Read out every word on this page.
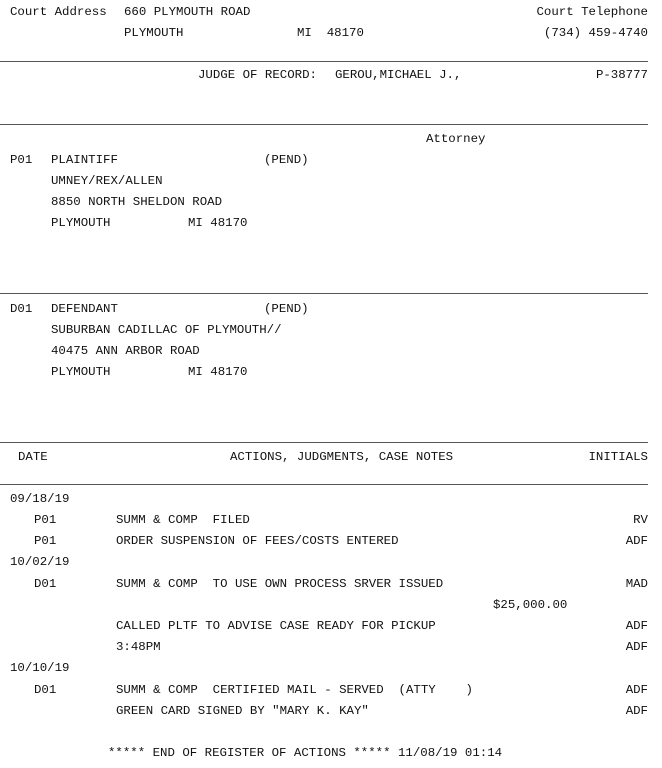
Court Address 660 PLYMOUTH ROAD	Court Telephone
PLYMOUTH	MI  48170	(734) 459-4740
JUDGE OF RECORD: GEROU,MICHAEL J.,	P-38777
Attorney
P01 PLAINTIFF	(PEND)
UMNEY/REX/ALLEN
8850 NORTH SHELDON ROAD
PLYMOUTH	MI 48170
D01 DEFENDANT	(PEND)
SUBURBAN CADILLAC OF PLYMOUTH//
40475 ANN ARBOR ROAD
PLYMOUTH	MI 48170
DATE	ACTIONS, JUDGMENTS, CASE NOTES	INITIALS
09/18/19
P01	SUMM & COMP  FILED	RV
P01	ORDER SUSPENSION OF FEES/COSTS ENTERED	ADF
10/02/19
D01	SUMM & COMP  TO USE OWN PROCESS SRVER ISSUED	MAD
$25,000.00
CALLED PLTF TO ADVISE CASE READY FOR PICKUP	ADF
3:48PM	ADF
10/10/19
D01	SUMM & COMP  CERTIFIED MAIL - SERVED  (ATTY    )	ADF
GREEN CARD SIGNED BY "MARY K. KAY"	ADF
***** END OF REGISTER OF ACTIONS ***** 11/08/19 01:14
